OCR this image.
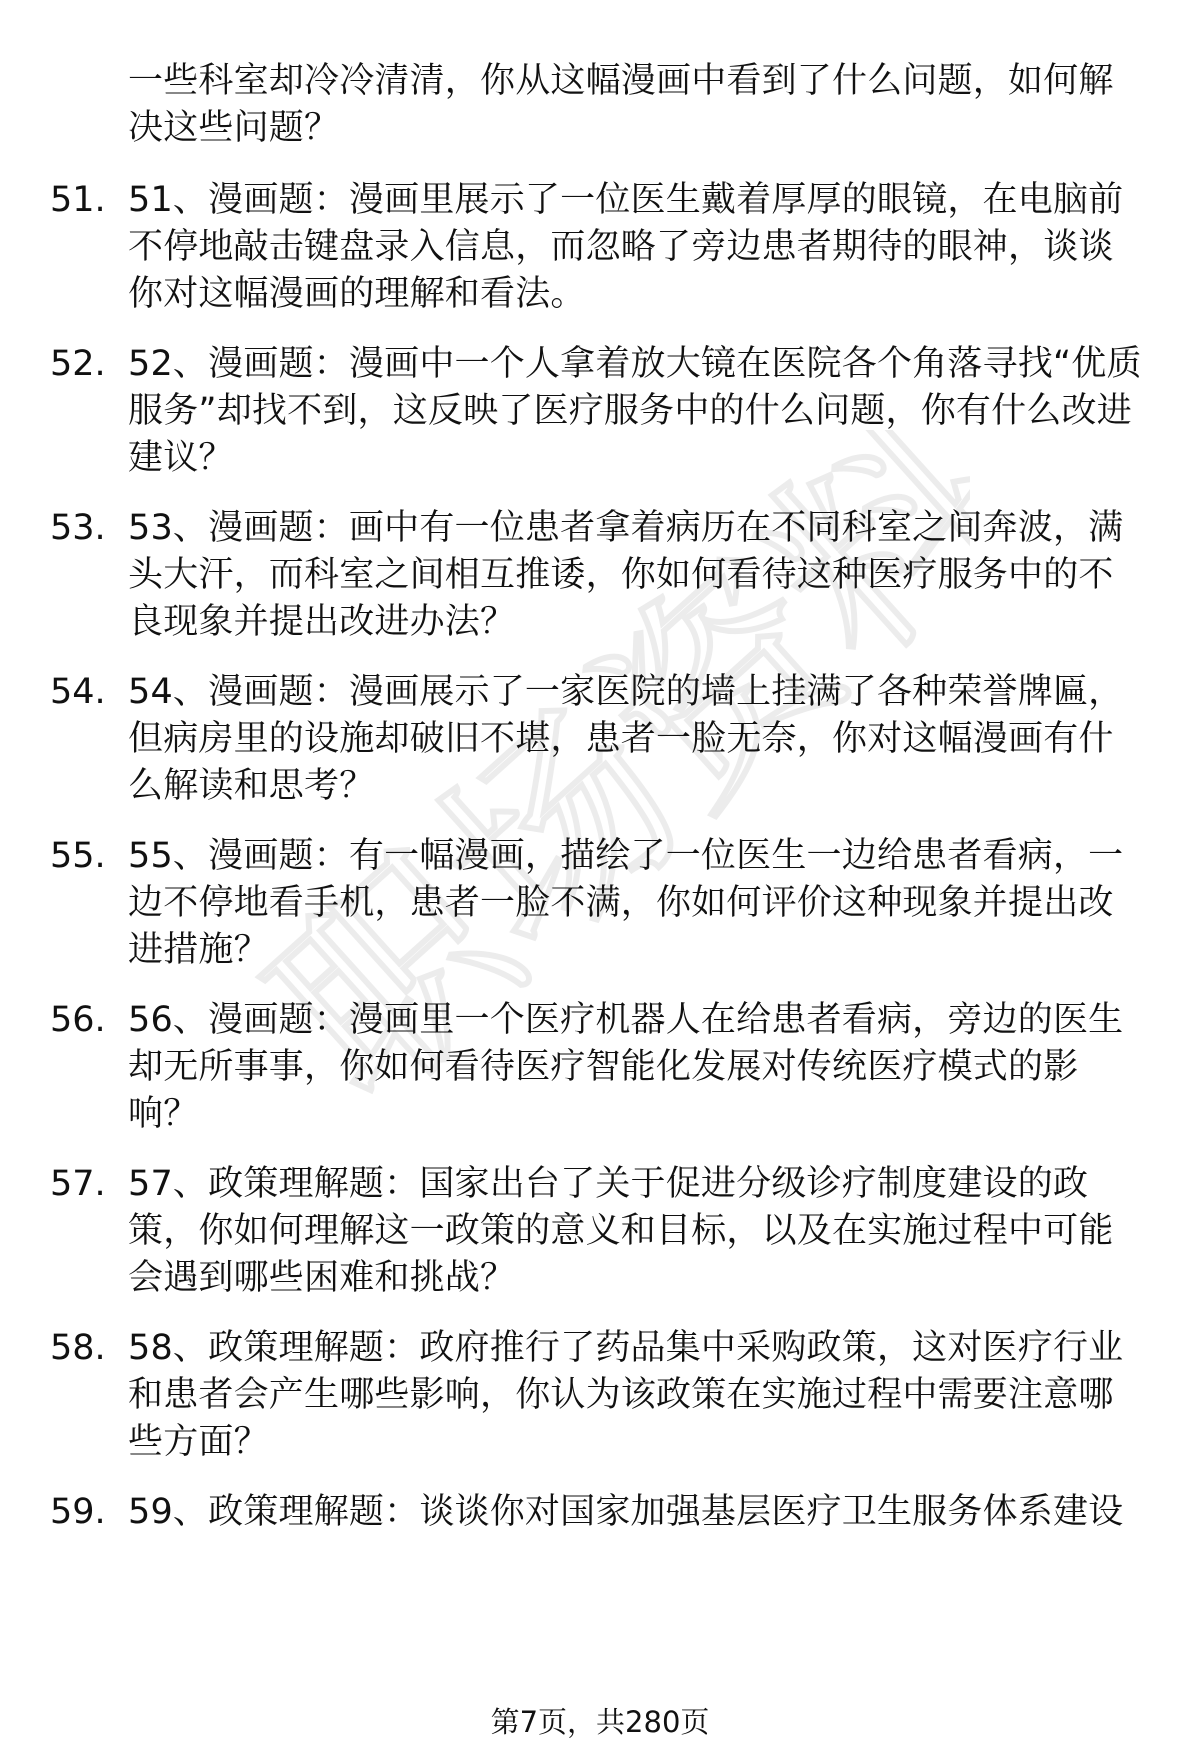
职场资料
一些科室却冷冷清清，你从这幅漫画中看到了什么问题，如何解决这些问题？
51. 51、漫画题：漫画里展示了一位医生戴着厚厚的眼镜，在电脑前不停地敲击键盘录入信息，而忽略了旁边患者期待的眼神，谈谈你对这幅漫画的理解和看法。
52. 52、漫画题：漫画中一个人拿着放大镜在医院各个角落寻找“优质服务”却找不到，这反映了医疗服务中的什么问题，你有什么改进建议？
53. 53、漫画题：画中有一位患者拿着病历在不同科室之间奔波，满头大汗，而科室之间相互推诿，你如何看待这种医疗服务中的不良现象并提出改进办法？
54. 54、漫画题：漫画展示了一家医院的墙上挂满了各种荣誉牌匾，但病房里的设施却破旧不堪，患者一脸无奈，你对这幅漫画有什么解读和思考？
55. 55、漫画题：有一幅漫画，描绘了一位医生一边给患者看病，一边不停地看手机，患者一脸不满，你如何评价这种现象并提出改进措施？
56. 56、漫画题：漫画里一个医疗机器人在给患者看病，旁边的医生却无所事事，你如何看待医疗智能化发展对传统医疗模式的影响？
57. 57、政策理解题：国家出台了关于促进分级诊疗制度建设的政策，你如何理解这一政策的意义和目标，以及在实施过程中可能会遇到哪些困难和挑战？
58. 58、政策理解题：政府推行了药品集中采购政策，这对医疗行业和患者会产生哪些影响，你认为该政策在实施过程中需要注意哪些方面？
59. 59、政策理解题：谈谈你对国家加强基层医疗卫生服务体系建设
第7页，共280页
